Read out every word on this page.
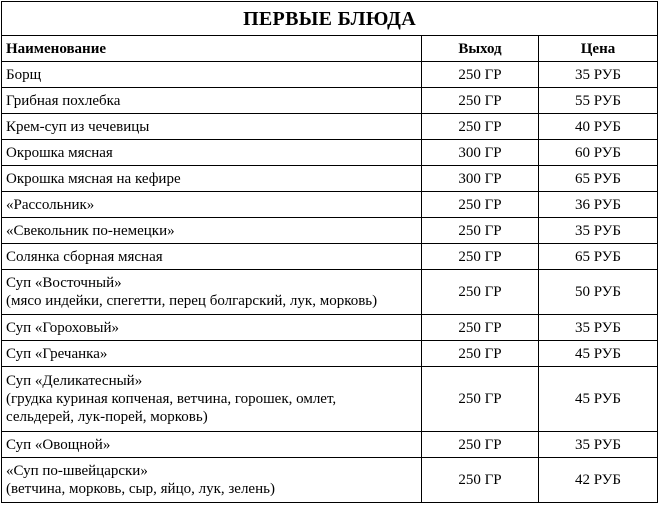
ПЕРВЫЕ БЛЮДА		
Наименование	Выход	Цена

Борщ	250 ГР	35 РУБ

Грибная похлебка	250 ГР	55 РУБ

Крем-суп из чечевицы	250 ГР	40 РУБ

Окрошка мясная	300 ГР	60 РУБ

Окрошка мясная на кефире	300 ГР	65 РУБ

«Рассольник»	250 ГР	36 РУБ

«Свекольник по-немецки»	250 ГР	35 РУБ

Солянка сборная мясная	250 ГР	65 РУБ

Суп «Восточный»
(мясо индейки, спегетти, перец болгарский, лук, морковь)	250 ГР	50 РУБ

Суп «Гороховый»	250 ГР	35 РУБ

Суп «Гречанка»	250 ГР	45 РУБ

Суп «Деликатесный»
(грудка куриная копченая, ветчина, горошек, омлет,
сельдерей, лук-порей, морковь)	250 ГР	45 РУБ

Суп «Овощной»	250 ГР	35 РУБ

«Суп по-швейцарски»
(ветчина, морковь, сыр, яйцо, лук, зелень)	250 ГР	42 РУБ
